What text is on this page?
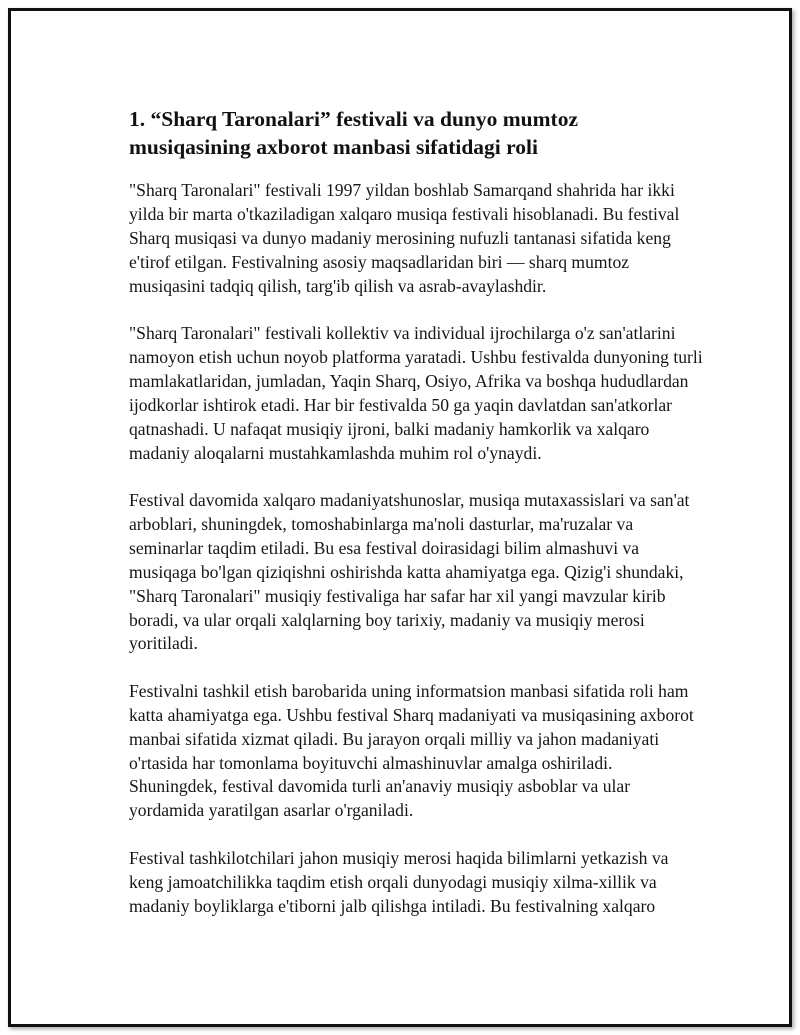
1. “Sharq Taronalari” festivali va dunyo mumtoz musiqasining axborot manbasi sifatidagi roli

"Sharq Taronalari" festivali 1997 yildan boshlab Samarqand shahrida har ikki yilda bir marta o'tkaziladigan xalqaro musiqa festivali hisoblanadi. Bu festival Sharq musiqasi va dunyo madaniy merosining nufuzli tantanasi sifatida keng e'tirof etilgan. Festivalning asosiy maqsadlaridan biri — sharq mumtoz musiqasini tadqiq qilish, targ'ib qilish va asrab-avaylashdir.

"Sharq Taronalari" festivali kollektiv va individual ijrochilarga o'z san'atlarini namoyon etish uchun noyob platforma yaratadi. Ushbu festivalda dunyoning turli mamlakatlaridan, jumladan, Yaqin Sharq, Osiyo, Afrika va boshqa hududlardan ijodkorlar ishtirok etadi. Har bir festivalda 50 ga yaqin davlatdan san'atkorlar qatnashadi. U nafaqat musiqiy ijroni, balki madaniy hamkorlik va xalqaro madaniy aloqalarni mustahkamlashda muhim rol o'ynaydi.

Festival davomida xalqaro madaniyatshunoslar, musiqa mutaxassislari va san'at arboblari, shuningdek, tomoshabinlarga ma'noli dasturlar, ma'ruzalar va seminarlar taqdim etiladi. Bu esa festival doirasidagi bilim almashuvi va musiqaga bo'lgan qiziqishni oshirishda katta ahamiyatga ega. Qizig'i shundaki, "Sharq Taronalari" musiqiy festivaliga har safar har xil yangi mavzular kirib boradi, va ular orqali xalqlarning boy tarixiy, madaniy va musiqiy merosi yoritiladi.

Festivalni tashkil etish barobarida uning informatsion manbasi sifatida roli ham katta ahamiyatga ega. Ushbu festival Sharq madaniyati va musiqasining axborot manbai sifatida xizmat qiladi. Bu jarayon orqali milliy va jahon madaniyati o'rtasida har tomonlama boyituvchi almashinuvlar amalga oshiriladi. Shuningdek, festival davomida turli an'anaviy musiqiy asboblar va ular yordamida yaratilgan asarlar o'rganiladi.

Festival tashkilotchilari jahon musiqiy merosi haqida bilimlarni yetkazish va keng jamoatchilikka taqdim etish orqali dunyodagi musiqiy xilma-xillik va madaniy boyliklarga e'tiborni jalb qilishga intiladi. Bu festivalning xalqaro
